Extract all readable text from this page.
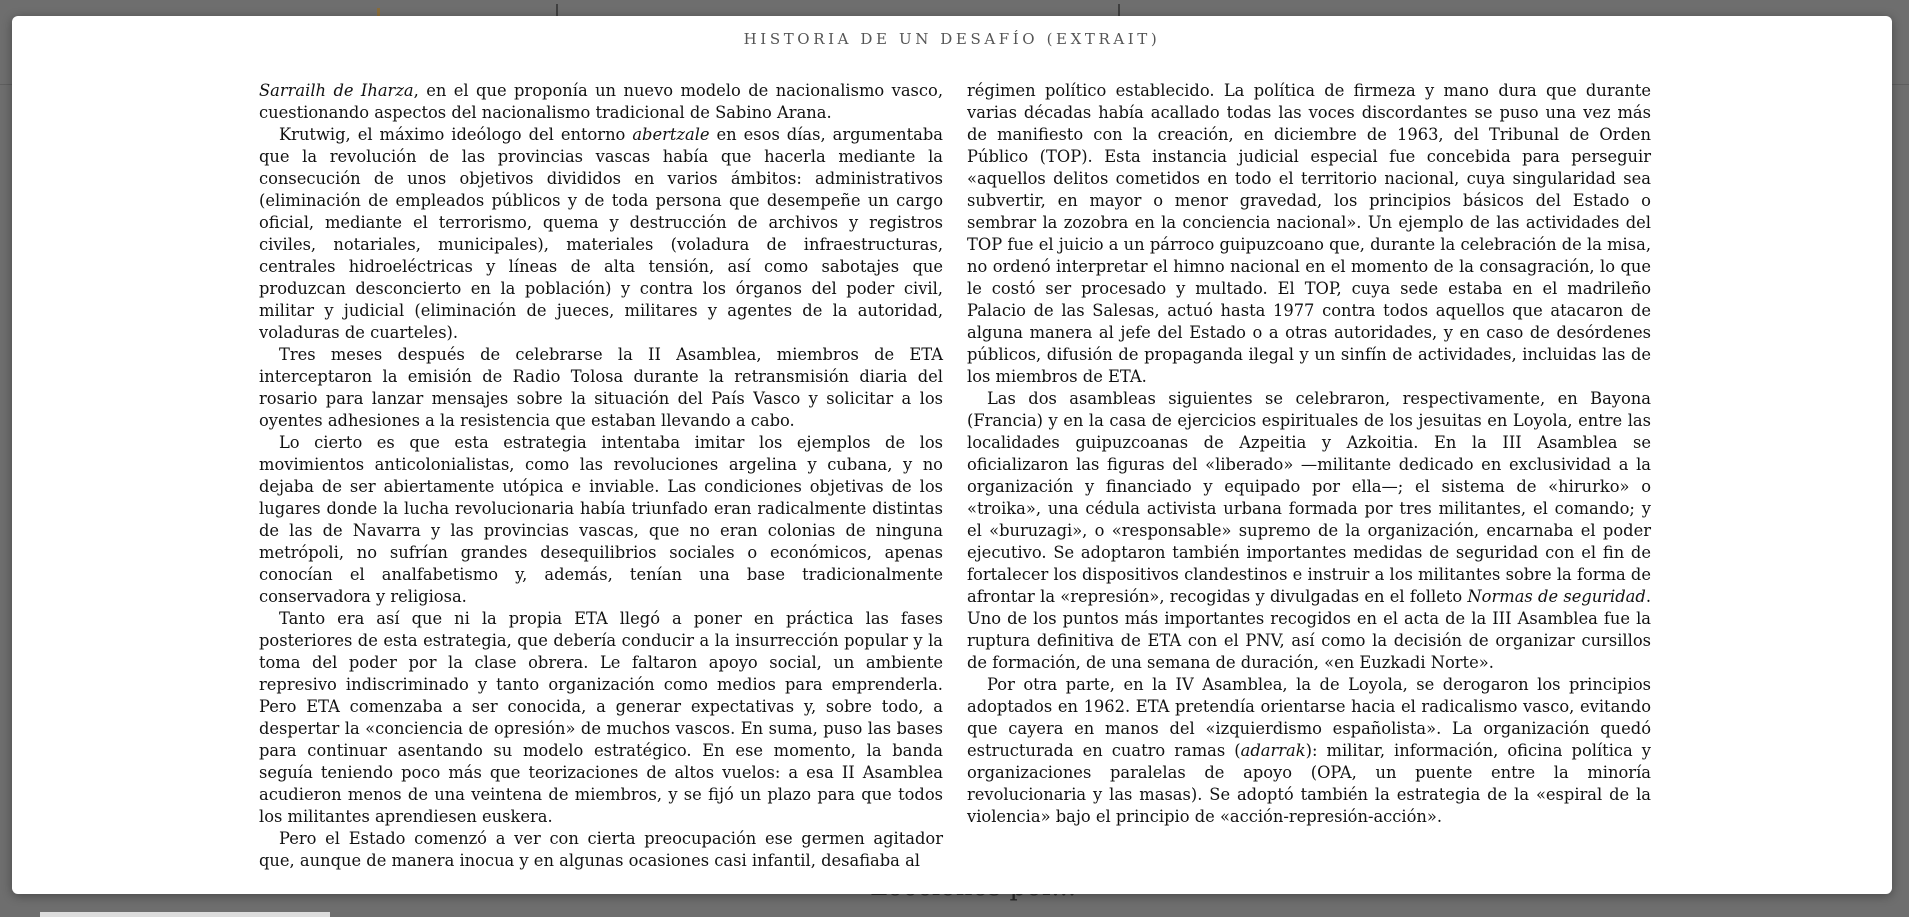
HISTORIA DE UN DESAFÍO (EXTRAIT)

Sarrailh de Iharza, en el que proponía un nuevo modelo de nacionalismo vasco, cuestionando aspectos del nacionalismo tradicional de Sabino Arana.

Krutwig, el máximo ideólogo del entorno abertzale en esos días, argumentaba que la revolución de las provincias vascas había que hacerla mediante la consecución de unos objetivos divididos en varios ámbitos: administrativos (eliminación de empleados públicos y de toda persona que desempeñe un cargo oficial, mediante el terrorismo, quema y destrucción de archivos y registros civiles, notariales, municipales), materiales (voladura de infraestructuras, centrales hidroeléctricas y líneas de alta tensión, así como sabotajes que produzcan desconcierto en la población) y contra los órganos del poder civil, militar y judicial (eliminación de jueces, militares y agentes de la autoridad, voladuras de cuarteles).

Tres meses después de celebrarse la II Asamblea, miembros de ETA interceptaron la emisión de Radio Tolosa durante la retransmisión diaria del rosario para lanzar mensajes sobre la situación del País Vasco y solicitar a los oyentes adhesiones a la resistencia que estaban llevando a cabo.

Lo cierto es que esta estrategia intentaba imitar los ejemplos de los movimientos anticolonialistas, como las revoluciones argelina y cubana, y no dejaba de ser abiertamente utópica e inviable. Las condiciones objetivas de los lugares donde la lucha revolucionaria había triunfado eran radicalmente distintas de las de Navarra y las provincias vascas, que no eran colonias de ninguna metrópoli, no sufrían grandes desequilibrios sociales o económicos, apenas conocían el analfabetismo y, además, tenían una base tradicionalmente conservadora y religiosa.

Tanto era así que ni la propia ETA llegó a poner en práctica las fases posteriores de esta estrategia, que debería conducir a la insurrección popular y la toma del poder por la clase obrera. Le faltaron apoyo social, un ambiente represivo indiscriminado y tanto organización como medios para emprenderla. Pero ETA comenzaba a ser conocida, a generar expectativas y, sobre todo, a despertar la «conciencia de opresión» de muchos vascos. En suma, puso las bases para continuar asentando su modelo estratégico. En ese momento, la banda seguía teniendo poco más que teorizaciones de altos vuelos: a esa II Asamblea acudieron menos de una veintena de miembros, y se fijó un plazo para que todos los militantes aprendiesen euskera.

Pero el Estado comenzó a ver con cierta preocupación ese germen agitador que, aunque de manera inocua y en algunas ocasiones casi infantil, desafiaba al

régimen político establecido. La política de firmeza y mano dura que durante varias décadas había acallado todas las voces discordantes se puso una vez más de manifiesto con la creación, en diciembre de 1963, del Tribunal de Orden Público (TOP). Esta instancia judicial especial fue concebida para perseguir «aquellos delitos cometidos en todo el territorio nacional, cuya singularidad sea subvertir, en mayor o menor gravedad, los principios básicos del Estado o sembrar la zozobra en la conciencia nacional». Un ejemplo de las actividades del TOP fue el juicio a un párroco guipuzcoano que, durante la celebración de la misa, no ordenó interpretar el himno nacional en el momento de la consagración, lo que le costó ser procesado y multado. El TOP, cuya sede estaba en el madrileño Palacio de las Salesas, actuó hasta 1977 contra todos aquellos que atacaron de alguna manera al jefe del Estado o a otras autoridades, y en caso de desórdenes públicos, difusión de propaganda ilegal y un sinfín de actividades, incluidas las de los miembros de ETA.

Las dos asambleas siguientes se celebraron, respectivamente, en Bayona (Francia) y en la casa de ejercicios espirituales de los jesuitas en Loyola, entre las localidades guipuzcoanas de Azpeitia y Azkoitia. En la III Asamblea se oficializaron las figuras del «liberado» —militante dedicado en exclusividad a la organización y financiado y equipado por ella—; el sistema de «hirurko» o «troika», una cédula activista urbana formada por tres militantes, el comando; y el «buruzagi», o «responsable» supremo de la organización, encarnaba el poder ejecutivo. Se adoptaron también importantes medidas de seguridad con el fin de fortalecer los dispositivos clandestinos e instruir a los militantes sobre la forma de afrontar la «represión», recogidas y divulgadas en el folleto Normas de seguridad. Uno de los puntos más importantes recogidos en el acta de la III Asamblea fue la ruptura definitiva de ETA con el PNV, así como la decisión de organizar cursillos de formación, de una semana de duración, «en Euzkadi Norte».

Por otra parte, en la IV Asamblea, la de Loyola, se derogaron los principios adoptados en 1962. ETA pretendía orientarse hacia el radicalismo vasco, evitando que cayera en manos del «izquierdismo españolista». La organización quedó estructurada en cuatro ramas (adarrak): militar, información, oficina política y organizaciones paralelas de apoyo (OPA, un puente entre la minoría revolucionaria y las masas). Se adoptó también la estrategia de la «espiral de la violencia» bajo el principio de «acción-represión-acción».
